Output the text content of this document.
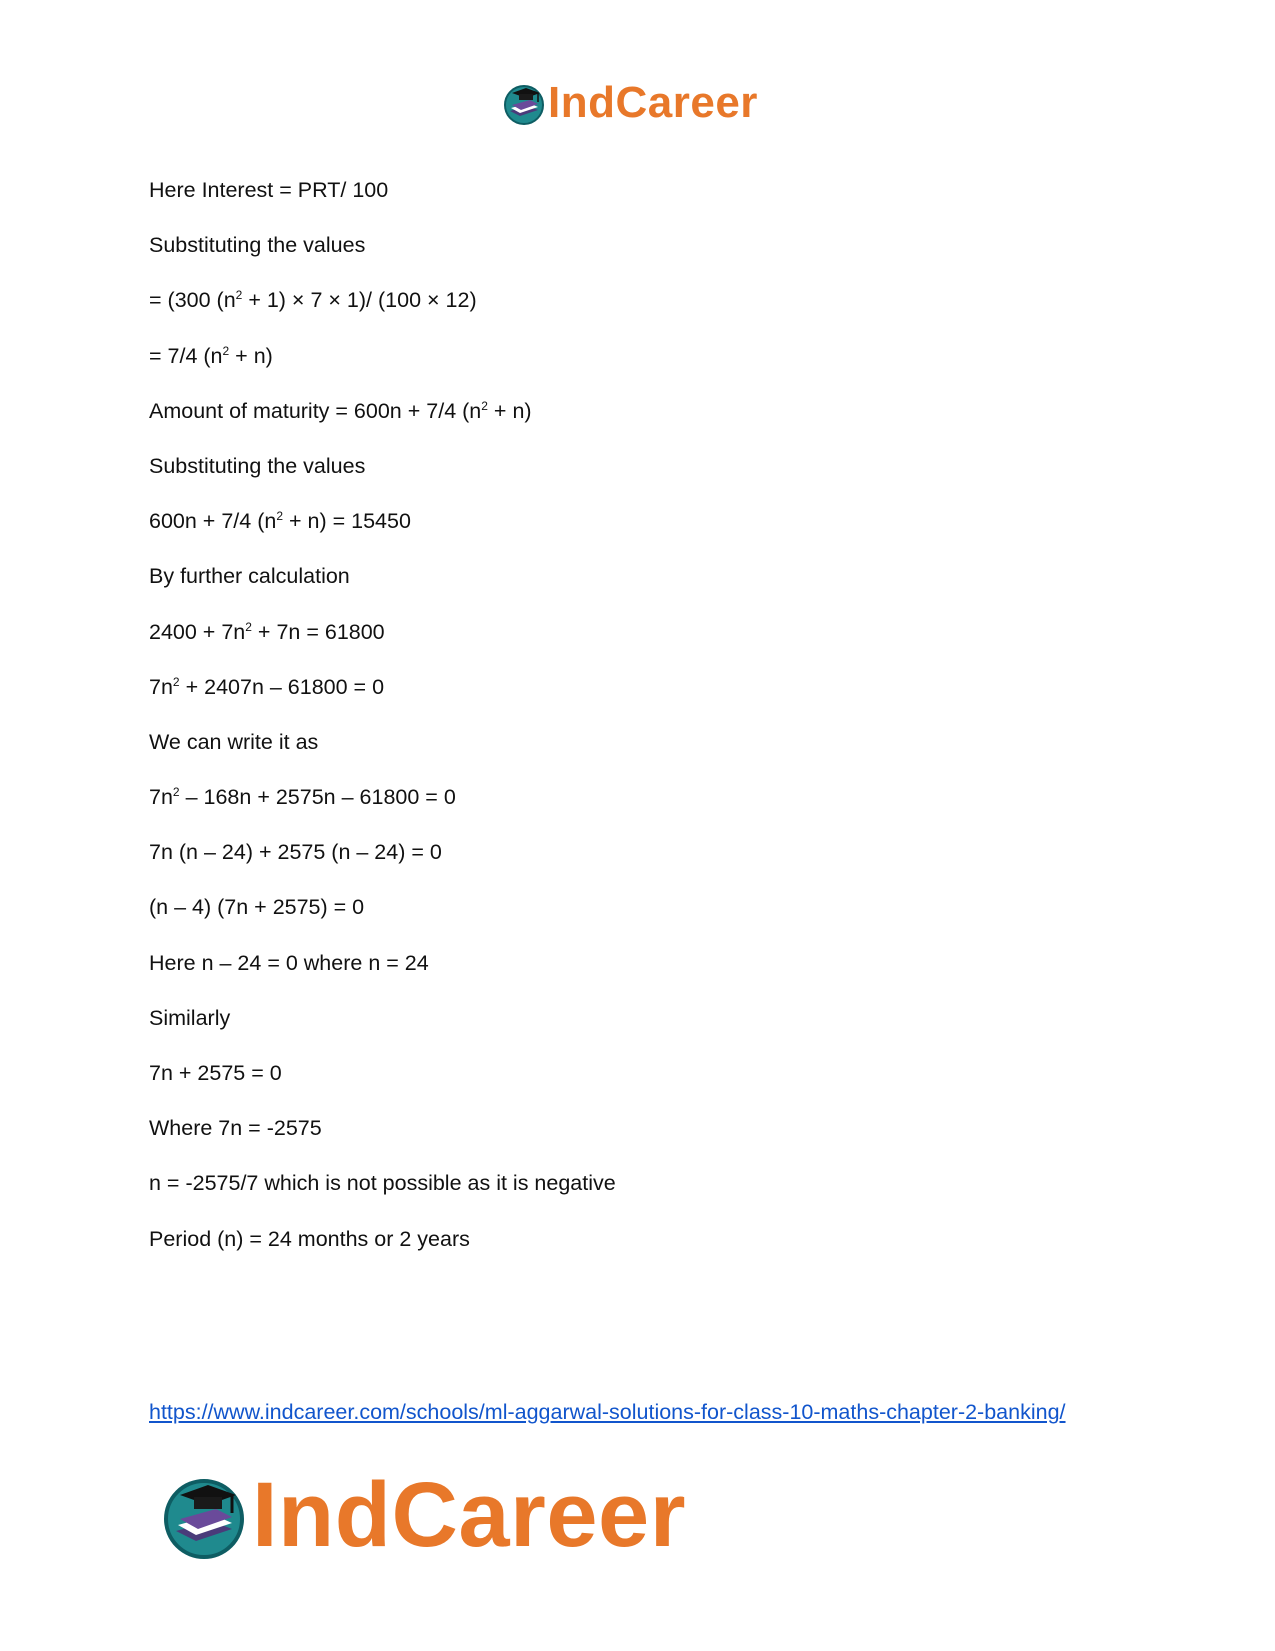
IndCareer
Here Interest = PRT/ 100
Substituting the values
= (300 $(n^2 + 1) \times 7 \times 1)/$ (100 × 12)
= 7/4 $(n^2 + n)$
Amount of maturity = 600n + 7/4 $(n^2 + n)$
Substituting the values
600n + 7/4 $(n^2 + n) = 15450$
By further calculation
$2400 + 7n^2 + 7n = 61800$
$7n^2 + 2407n - 61800 = 0$
We can write it as
$7n^2 - 168n + 2575n - 61800 = 0$
7n (n – 24) + 2575 (n – 24) = 0
(n – 4) (7n + 2575) = 0
Here n – 24 = 0 where n = 24
Similarly
7n + 2575 = 0
Where 7n = -2575
n = -2575/7 which is not possible as it is negative
Period (n) = 24 months or 2 years
https://www.indcareer.com/schools/ml-aggarwal-solutions-for-class-10-maths-chapter-2-banking/
IndCareer
